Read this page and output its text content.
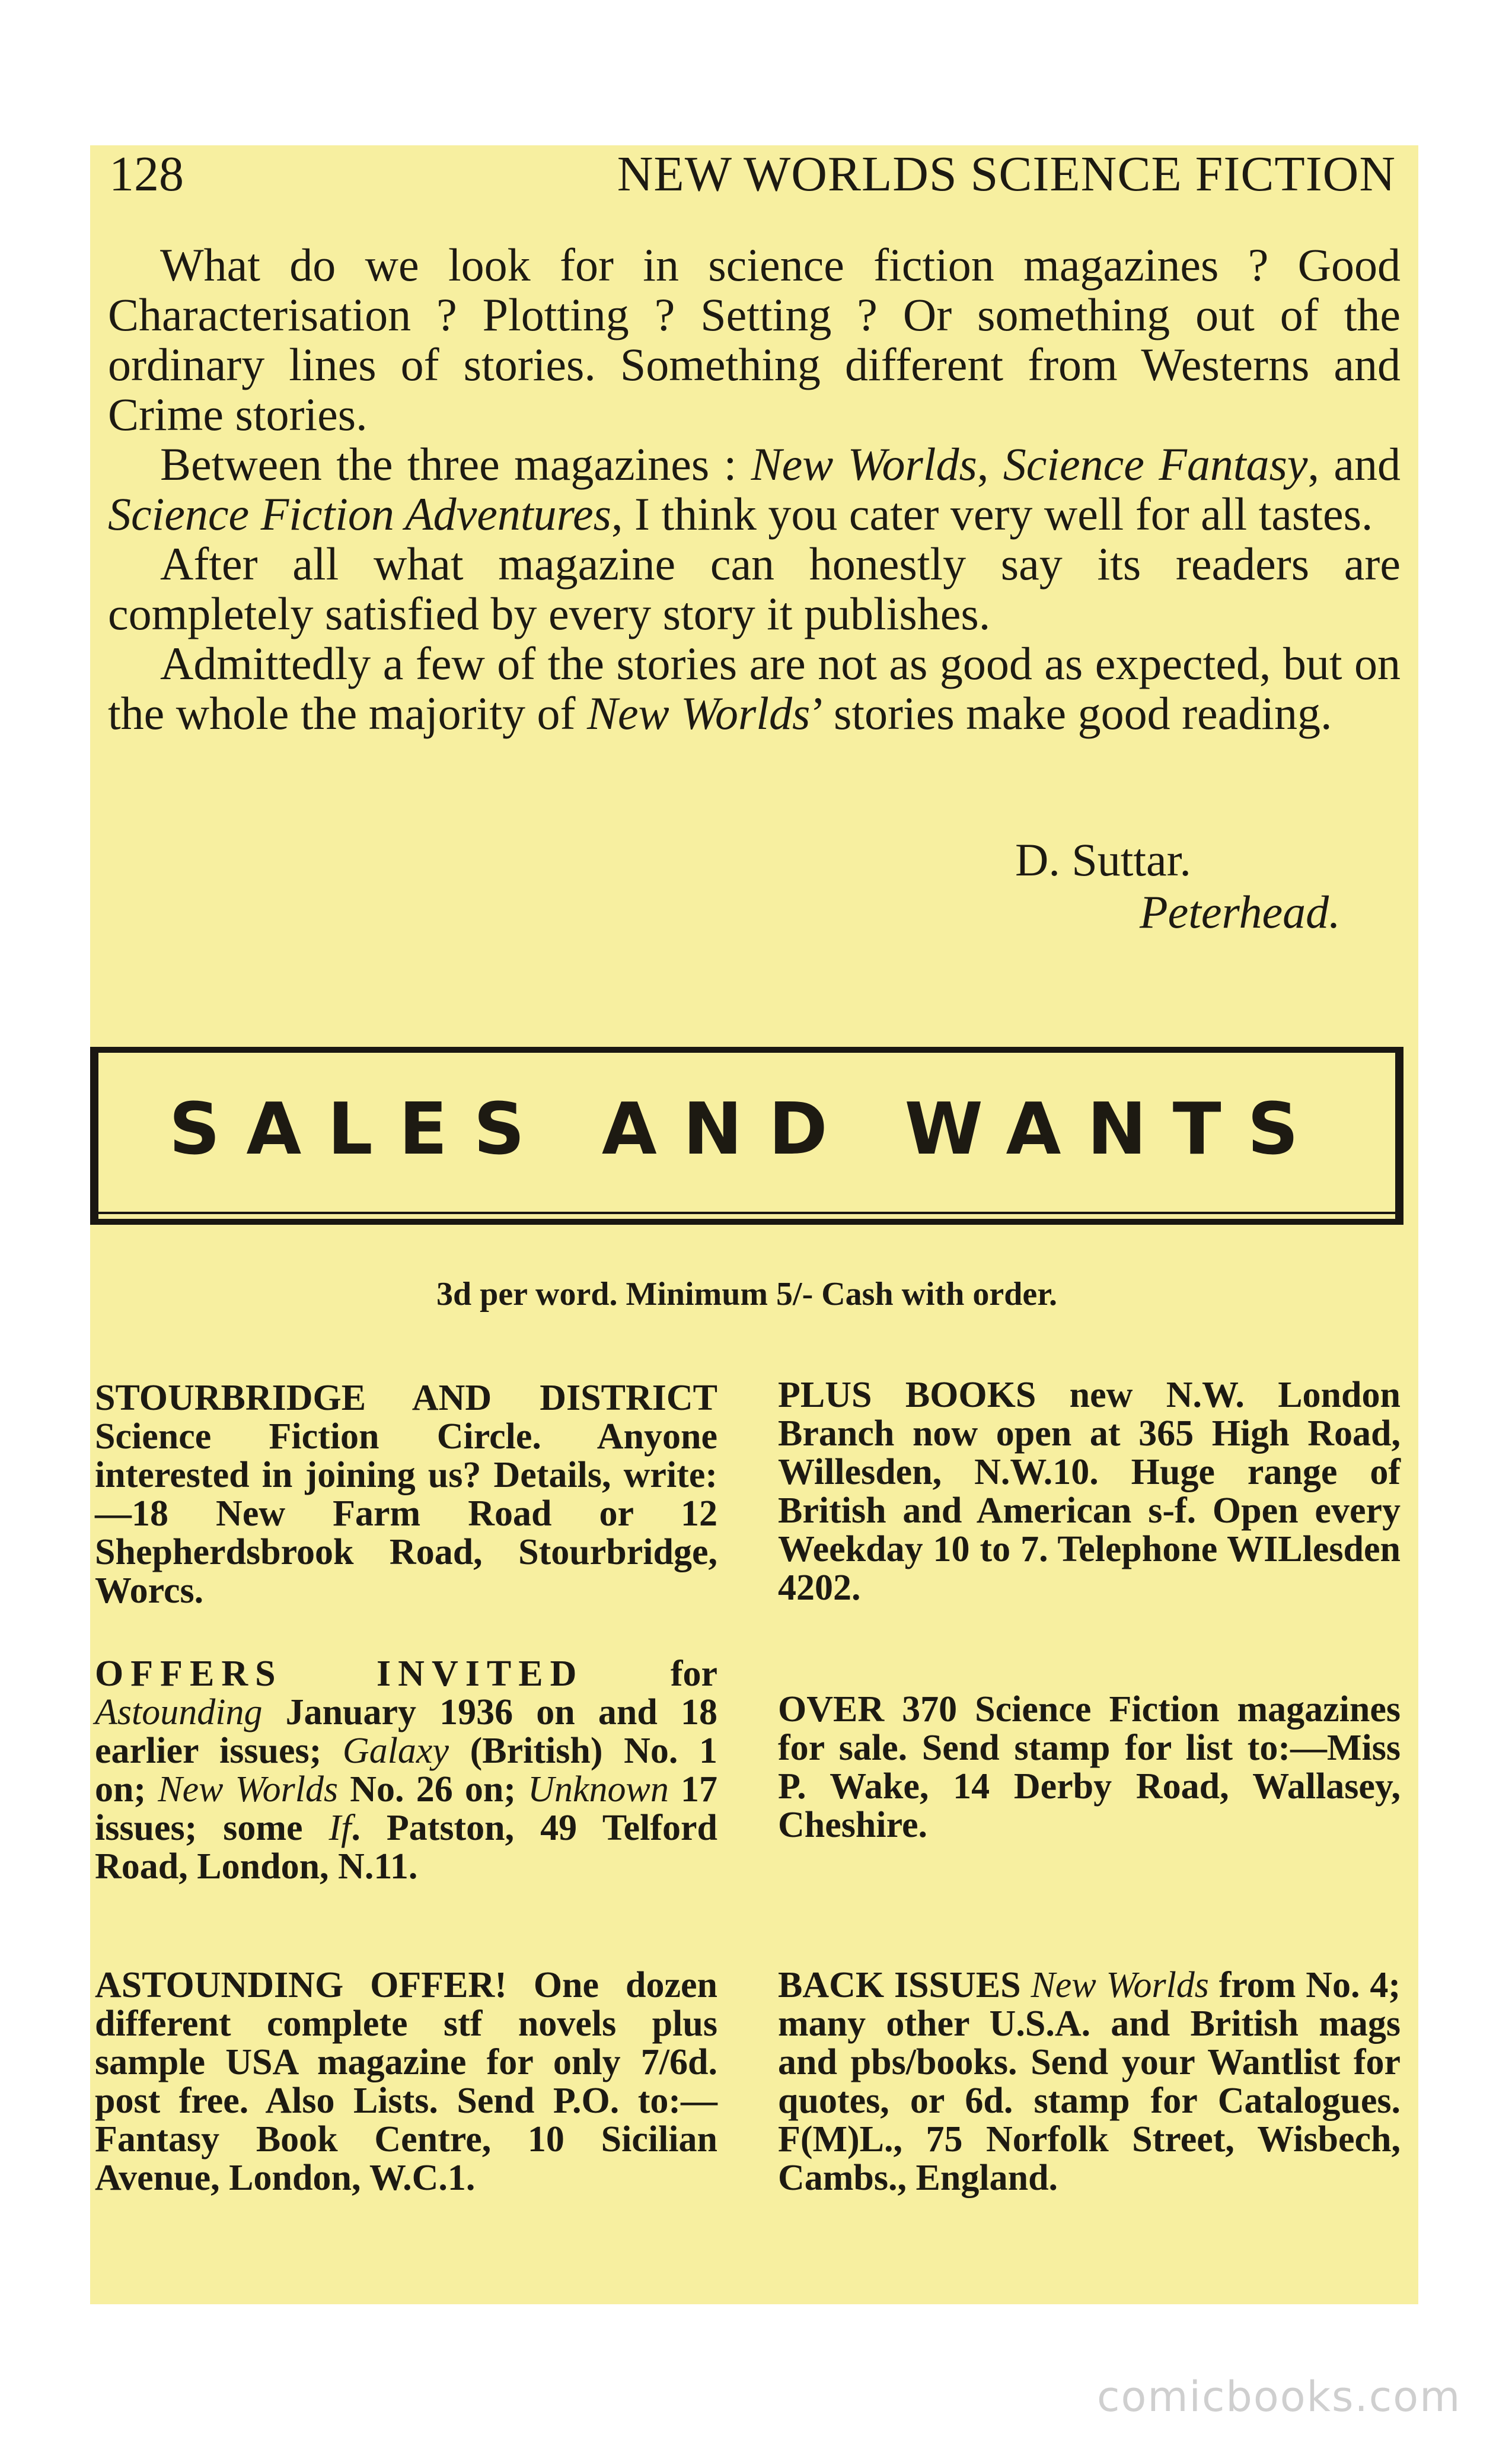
128	NEW WORLDS SCIENCE FICTION

What do we look for in science fiction magazines ? Good Characterisation ? Plotting ? Setting ? Or something out of the ordinary lines of stories. Something different from Westerns and Crime stories.

Between the three magazines : New Worlds, Science Fantasy, and Science Fiction Adventures, I think you cater very well for all tastes.

After all what magazine can honestly say its readers are completely satisfied by every story it publishes.

Admittedly a few of the stories are not as good as expected, but on the whole the majority of New Worlds’ stories make good reading.

D. Suttar.
Peterhead.
SALES AND WANTS
3d per word. Minimum 5/- Cash with order.
STOURBRIDGE AND DISTRICT Science Fiction Circle. Anyone interested in joining us? Details, write:—18 New Farm Road or 12 Shepherdsbrook Road, Stourbridge, Worcs.
OFFERS INVITED for Astounding January 1936 on and 18 earlier issues; Galaxy (British) No. 1 on; New Worlds No. 26 on; Unknown 17 issues; some If. Patston, 49 Telford Road, London, N.11.
ASTOUNDING OFFER! One dozen different complete stf novels plus sample USA magazine for only 7/6d. post free. Also Lists. Send P.O. to:—Fantasy Book Centre, 10 Sicilian Avenue, London, W.C.1.
PLUS BOOKS new N.W. London Branch now open at 365 High Road, Willesden, N.W.10. Huge range of British and American s-f. Open every Weekday 10 to 7. Telephone WILlesden 4202.
OVER 370 Science Fiction magazines for sale. Send stamp for list to:—Miss P. Wake, 14 Derby Road, Wallasey, Cheshire.
BACK ISSUES New Worlds from No. 4; many other U.S.A. and British mags and pbs/books. Send your Wantlist for quotes, or 6d. stamp for Catalogues. F(M)L., 75 Norfolk Street, Wisbech, Cambs., England.
comicbooks.com
